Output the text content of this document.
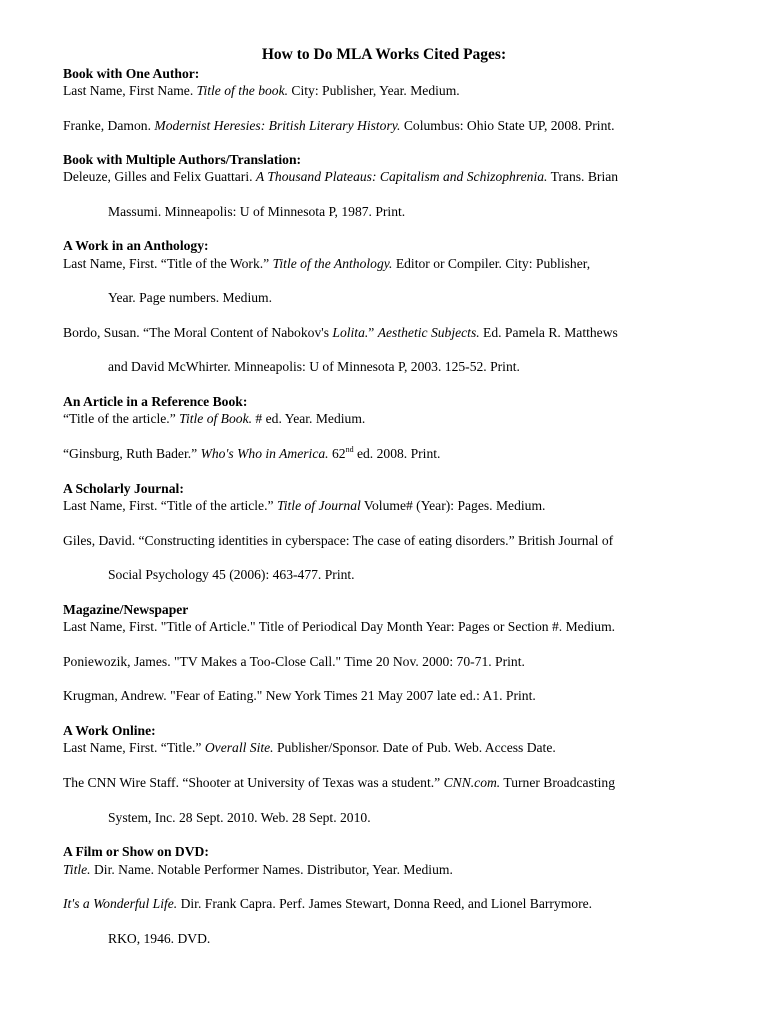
How to Do MLA Works Cited Pages:
Book with One Author:
Last Name, First Name. Title of the book. City: Publisher, Year. Medium.
Franke, Damon. Modernist Heresies: British Literary History. Columbus: Ohio State UP, 2008. Print.
Book with Multiple Authors/Translation:
Deleuze, Gilles and Felix Guattari. A Thousand Plateaus: Capitalism and Schizophrenia. Trans. Brian
Massumi. Minneapolis: U of Minnesota P, 1987. Print.
A Work in an Anthology:
Last Name, First. “Title of the Work.” Title of the Anthology. Editor or Compiler. City: Publisher,
Year. Page numbers. Medium.
Bordo, Susan. “The Moral Content of Nabokov's Lolita.” Aesthetic Subjects. Ed. Pamela R. Matthews
and David McWhirter. Minneapolis: U of Minnesota P, 2003. 125-52. Print.
An Article in a Reference Book:
“Title of the article.” Title of Book. # ed. Year. Medium.
“Ginsburg, Ruth Bader.” Who's Who in America. 62nd ed. 2008. Print.
A Scholarly Journal:
Last Name, First. “Title of the article.” Title of Journal Volume# (Year): Pages. Medium.
Giles, David. “Constructing identities in cyberspace: The case of eating disorders.” British Journal of
Social Psychology 45 (2006): 463-477. Print.
Magazine/Newspaper
Last Name, First. "Title of Article." Title of Periodical Day Month Year: Pages or Section #. Medium.
Poniewozik, James. "TV Makes a Too-Close Call." Time 20 Nov. 2000: 70-71. Print.
Krugman, Andrew. "Fear of Eating." New York Times 21 May 2007 late ed.: A1. Print.
A Work Online:
Last Name, First. “Title.” Overall Site. Publisher/Sponsor. Date of Pub. Web. Access Date.
The CNN Wire Staff. “Shooter at University of Texas was a student.” CNN.com. Turner Broadcasting
System, Inc. 28 Sept. 2010. Web. 28 Sept. 2010.
A Film or Show on DVD:
Title. Dir. Name. Notable Performer Names. Distributor, Year. Medium.
It's a Wonderful Life. Dir. Frank Capra. Perf. James Stewart, Donna Reed, and Lionel Barrymore.
RKO, 1946. DVD.
